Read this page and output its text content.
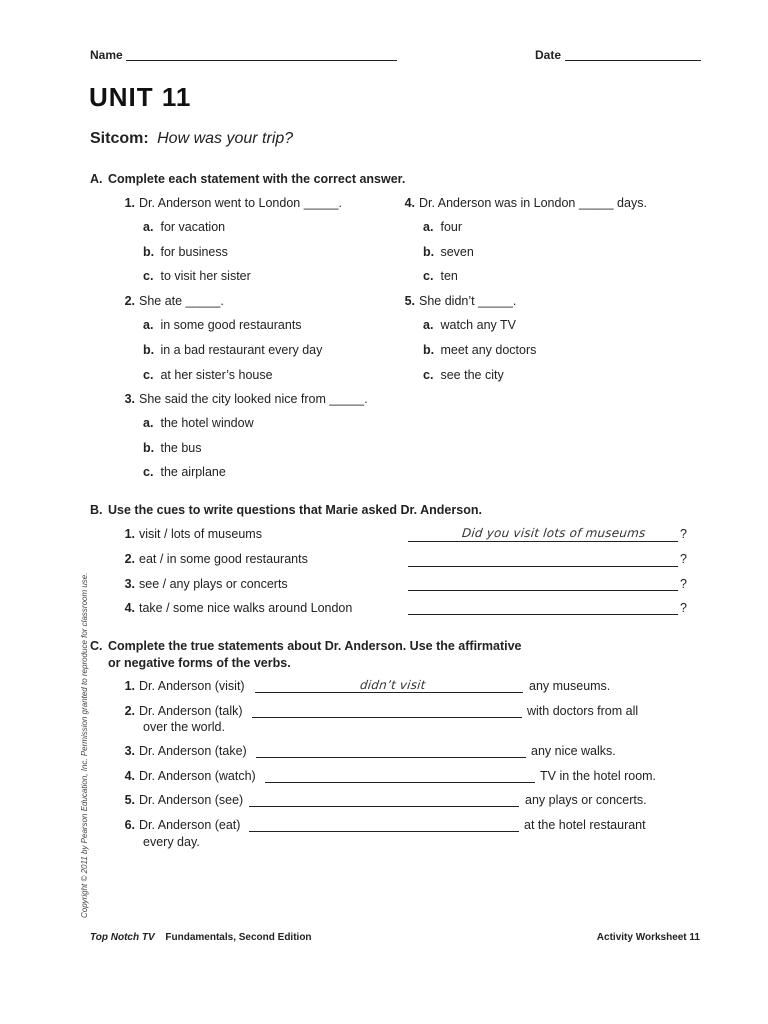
Name	Date
UNIT 11
Sitcom: How was your trip?
A. Complete each statement with the correct answer.
1. Dr. Anderson went to London _____.
a. for vacation
b. for business
c. to visit her sister
2. She ate _____.
a. in some good restaurants
b. in a bad restaurant every day
c. at her sister’s house
3. She said the city looked nice from _____.
a. the hotel window
b. the bus
c. the airplane
4. Dr. Anderson was in London _____ days.
a. four
b. seven
c. ten
5. She didn’t _____.
a. watch any TV
b. meet any doctors
c. see the city
B. Use the cues to write questions that Marie asked Dr. Anderson.
1. visit / lots of museums	Did you visit lots of museums	?
2. eat / in some good restaurants	?
3. see / any plays or concerts	?
4. take / some nice walks around London	?
C. Complete the true statements about Dr. Anderson. Use the affirmative
or negative forms of the verbs.
1. Dr. Anderson (visit)	didn’t visit	any museums.
2. Dr. Anderson (talk)	with doctors from all
over the world.
3. Dr. Anderson (take)	any nice walks.
4. Dr. Anderson (watch)	TV in the hotel room.
5. Dr. Anderson (see)	any plays or concerts.
6. Dr. Anderson (eat)	at the hotel restaurant
every day.
Copyright © 2011 by Pearson Education, Inc. Permission granted to reproduce for classroom use.
Top Notch TV Fundamentals, Second Edition	Activity Worksheet 11
